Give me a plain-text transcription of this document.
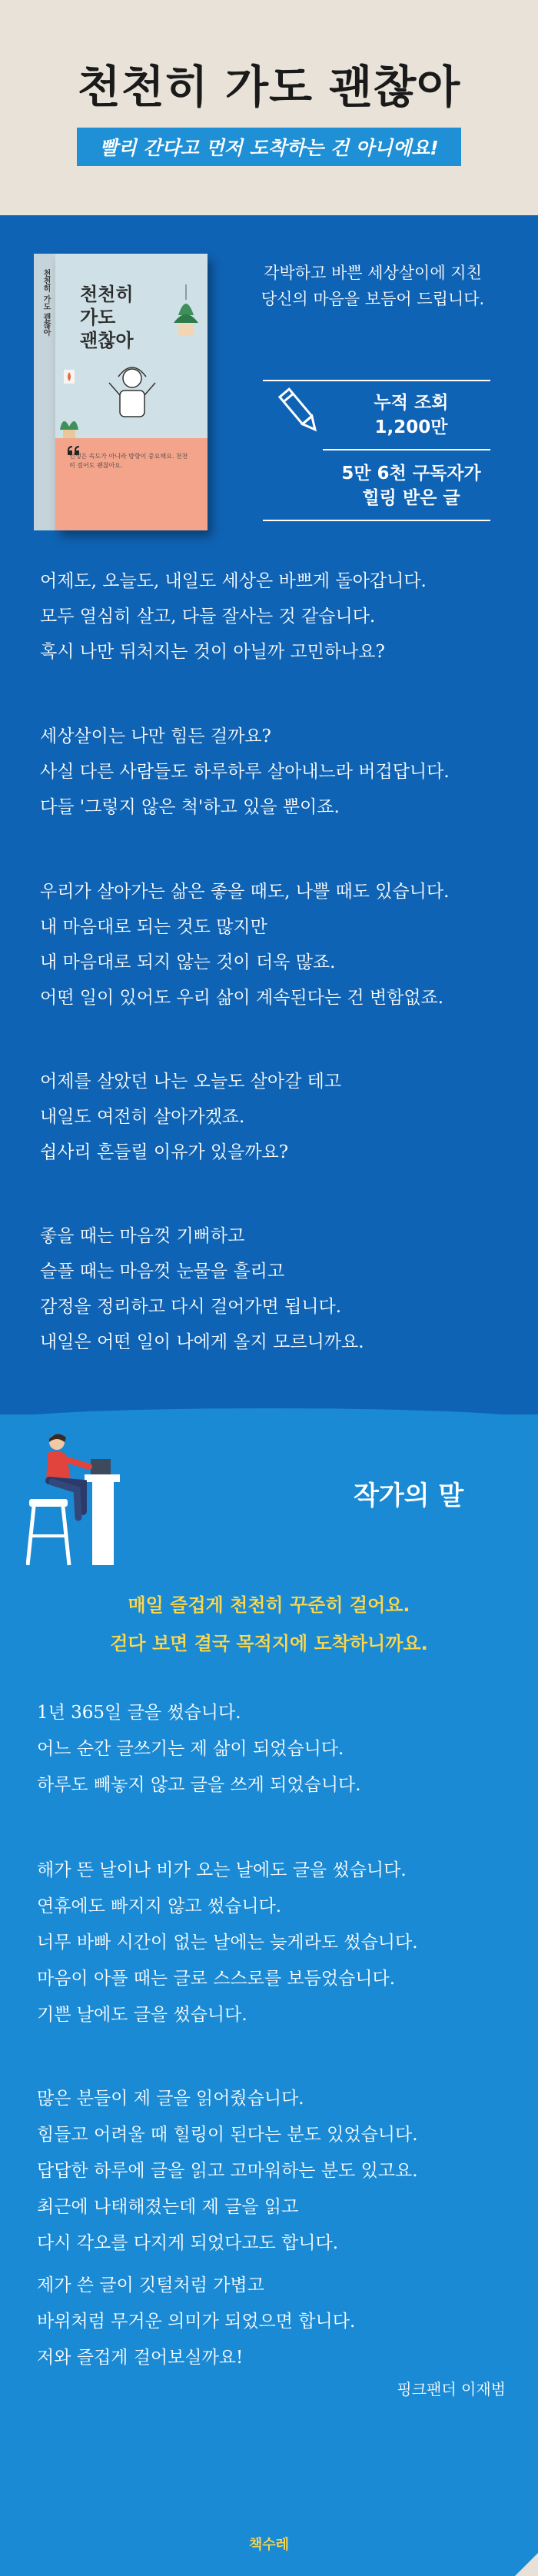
천천히 가도 괜찮아
빨리 간다고 먼저 도착하는 건 아니에요!
천천히 가도 괜찮아 천천히
가도
괜찮아
인생은 속도가 아니라 방향이 중요해요. 천천히 걸어도 괜찮아요.
각박하고 바쁜 세상살이에 지친
당신의 마음을 보듬어 드립니다.
누적 조회
1,200만
5만 6천 구독자가
힐링 받은 글
어제도, 오늘도, 내일도 세상은 바쁘게 돌아갑니다.
모두 열심히 살고, 다들 잘사는 것 같습니다.
혹시 나만 뒤처지는 것이 아닐까 고민하나요?
세상살이는 나만 힘든 걸까요?
사실 다른 사람들도 하루하루 살아내느라 버겁답니다.
다들 '그렇지 않은 척'하고 있을 뿐이죠.
우리가 살아가는 삶은 좋을 때도, 나쁠 때도 있습니다.
내 마음대로 되는 것도 많지만
내 마음대로 되지 않는 것이 더욱 많죠.
어떤 일이 있어도 우리 삶이 계속된다는 건 변함없죠.
어제를 살았던 나는 오늘도 살아갈 테고
내일도 여전히 살아가겠죠.
쉽사리 흔들릴 이유가 있을까요?
좋을 때는 마음껏 기뻐하고
슬플 때는 마음껏 눈물을 흘리고
감정을 정리하고 다시 걸어가면 됩니다.
내일은 어떤 일이 나에게 올지 모르니까요.
작가의 말
매일 즐겁게 천천히 꾸준히 걸어요.
걷다 보면 결국 목적지에 도착하니까요.
1년 365일 글을 썼습니다.
어느 순간 글쓰기는 제 삶이 되었습니다.
하루도 빼놓지 않고 글을 쓰게 되었습니다.
해가 뜬 날이나 비가 오는 날에도 글을 썼습니다.
연휴에도 빠지지 않고 썼습니다.
너무 바빠 시간이 없는 날에는 늦게라도 썼습니다.
마음이 아플 때는 글로 스스로를 보듬었습니다.
기쁜 날에도 글을 썼습니다.
많은 분들이 제 글을 읽어줬습니다.
힘들고 어려울 때 힐링이 된다는 분도 있었습니다.
답답한 하루에 글을 읽고 고마워하는 분도 있고요.
최근에 나태해졌는데 제 글을 읽고
다시 각오를 다지게 되었다고도 합니다.
제가 쓴 글이 깃털처럼 가볍고
바위처럼 무거운 의미가 되었으면 합니다.
저와 즐겁게 걸어보실까요!
핑크팬더 이재범
책수레
